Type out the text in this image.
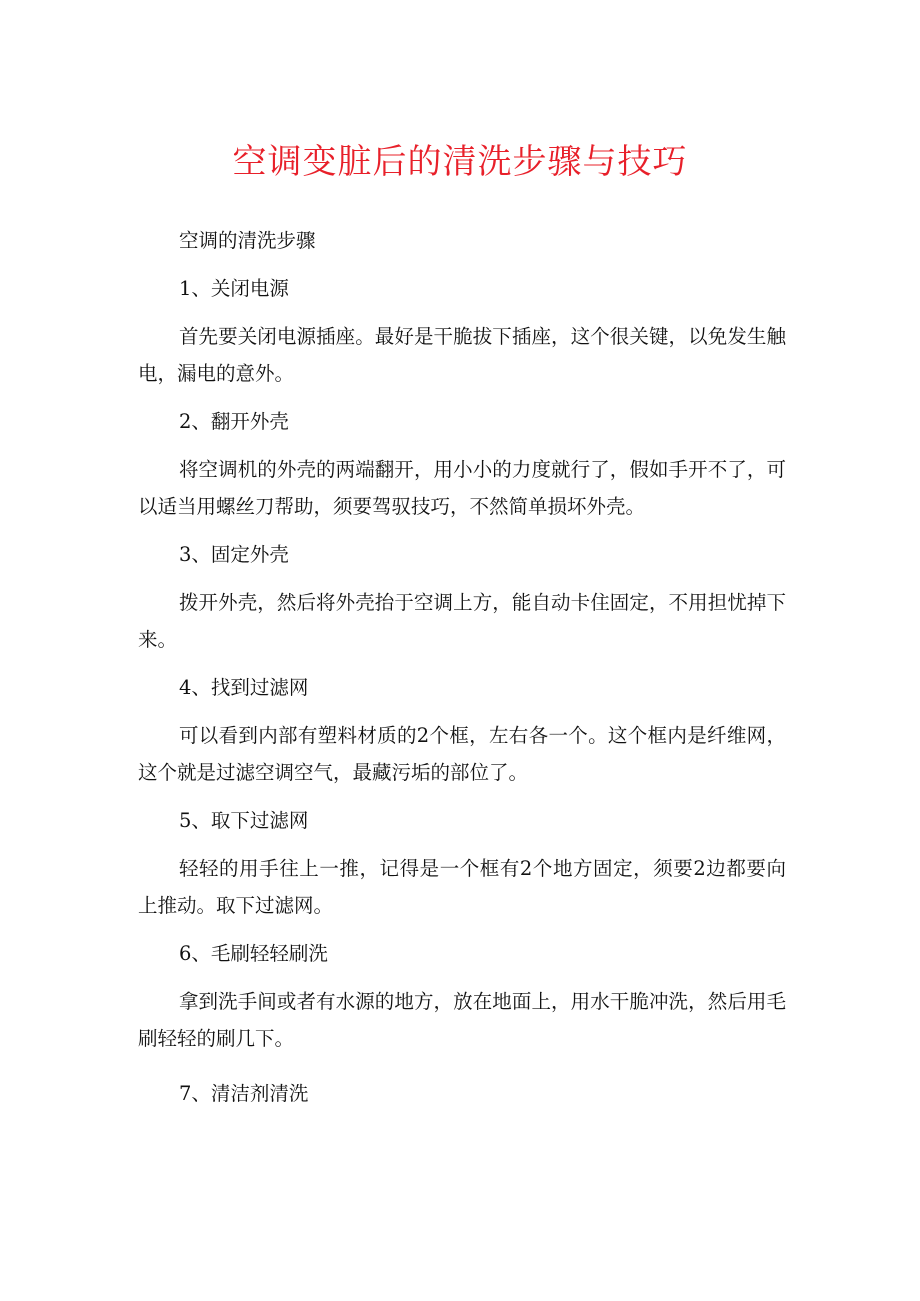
空调变脏后的清洗步骤与技巧

空调的清洗步骤

1、关闭电源

首先要关闭电源插座。最好是干脆拔下插座，这个很关键，以免发生触电，漏电的意外。

2、翻开外壳

将空调机的外壳的两端翻开，用小小的力度就行了，假如手开不了，可以适当用螺丝刀帮助，须要驾驭技巧，不然简单损坏外壳。

3、固定外壳

拨开外壳，然后将外壳抬于空调上方，能自动卡住固定，不用担忧掉下来。

4、找到过滤网

可以看到内部有塑料材质的2个框，左右各一个。这个框内是纤维网，这个就是过滤空调空气，最藏污垢的部位了。

5、取下过滤网

轻轻的用手往上一推，记得是一个框有2个地方固定，须要2边都要向上推动。取下过滤网。

6、毛刷轻轻刷洗

拿到洗手间或者有水源的地方，放在地面上，用水干脆冲洗，然后用毛刷轻轻的刷几下。

7、清洁剂清洗
